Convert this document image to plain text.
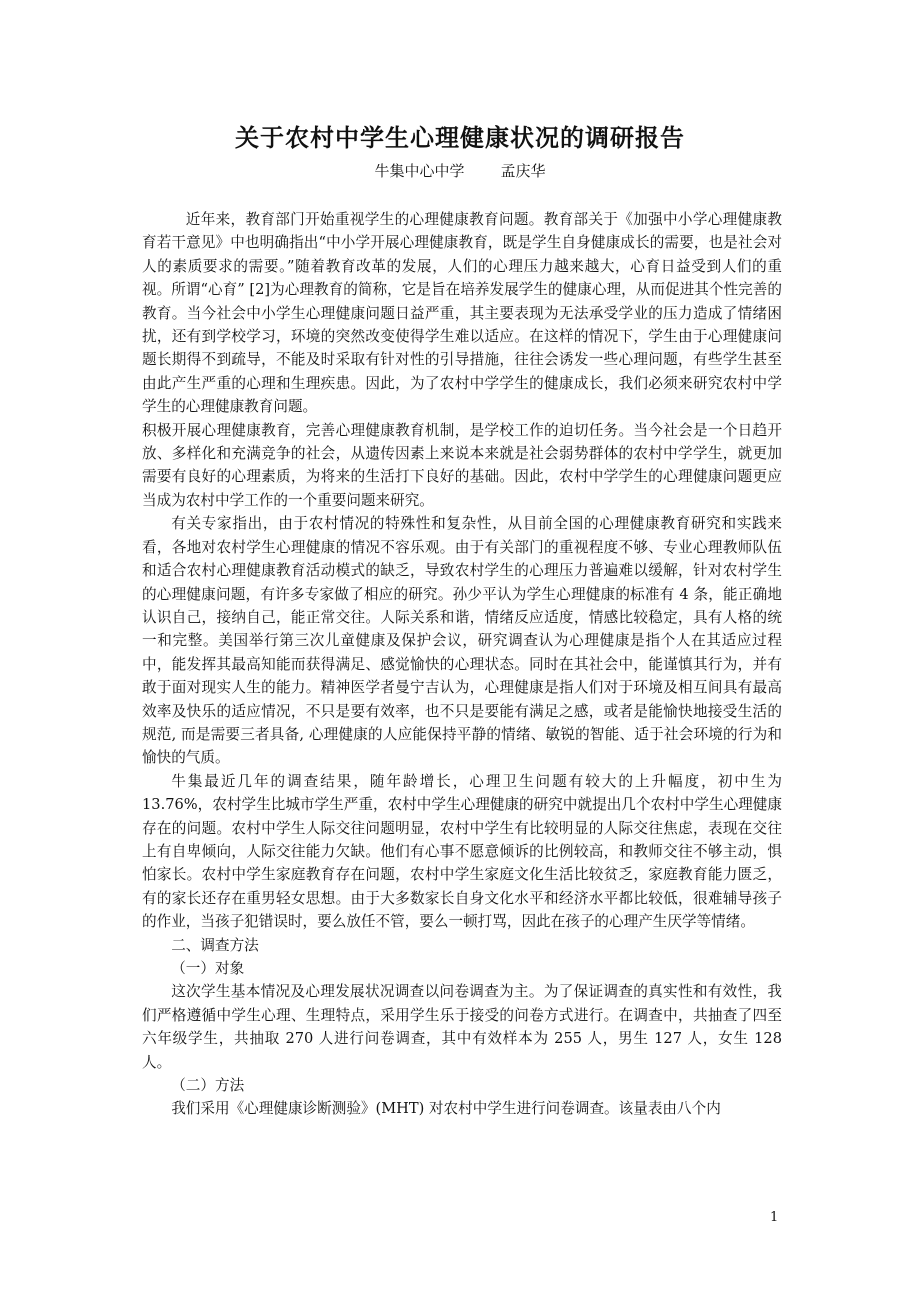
关于农村中学生心理健康状况的调研报告
牛集中心中学 孟庆华

近年来，教育部门开始重视学生的心理健康教育问题。教育部关于《加强中小学心理健康教育若干意见》中也明确指出“中小学开展心理健康教育，既是学生自身健康成长的需要，也是社会对人的素质要求的需要。”随着教育改革的发展，人们的心理压力越来越大，心育日益受到人们的重视。所谓“心育” [2]为心理教育的简称，它是旨在培养发展学生的健康心理，从而促进其个性完善的教育。当今社会中小学生心理健康问题日益严重，其主要表现为无法承受学业的压力造成了情绪困扰，还有到学校学习，环境的突然改变使得学生难以适应。在这样的情况下，学生由于心理健康问题长期得不到疏导，不能及时采取有针对性的引导措施，往往会诱发一些心理问题，有些学生甚至由此产生严重的心理和生理疾患。因此，为了农村中学学生的健康成长，我们必须来研究农村中学学生的心理健康教育问题。

积极开展心理健康教育，完善心理健康教育机制，是学校工作的迫切任务。当今社会是一个日趋开放、多样化和充满竞争的社会，从遗传因素上来说本来就是社会弱势群体的农村中学学生，就更加需要有良好的心理素质，为将来的生活打下良好的基础。因此，农村中学学生的心理健康问题更应当成为农村中学工作的一个重要问题来研究。

有关专家指出，由于农村情况的特殊性和复杂性，从目前全国的心理健康教育研究和实践来看，各地对农村学生心理健康的情况不容乐观。由于有关部门的重视程度不够、专业心理教师队伍和适合农村心理健康教育活动模式的缺乏，导致农村学生的心理压力普遍难以缓解，针对农村学生的心理健康问题，有许多专家做了相应的研究。孙少平认为学生心理健康的标准有 4 条，能正确地认识自己，接纳自己，能正常交往。人际关系和谐，情绪反应适度，情感比较稳定，具有人格的统一和完整。美国举行第三次儿童健康及保护会议，研究调查认为心理健康是指个人在其适应过程中，能发挥其最高知能而获得满足、感觉愉快的心理状态。同时在其社会中，能谨慎其行为，并有敢于面对现实人生的能力。精神医学者曼宁吉认为，心理健康是指人们对于环境及相互间具有最高效率及快乐的适应情况，不只是要有效率，也不只是要能有满足之感，或者是能愉快地接受生活的规范, 而是需要三者具备, 心理健康的人应能保持平静的情绪、敏锐的智能、适于社会环境的行为和愉快的气质。

牛集最近几年的调查结果，随年龄增长，心理卫生问题有较大的上升幅度，初中生为 13.76%，农村学生比城市学生严重，农村中学生心理健康的研究中就提出几个农村中学生心理健康存在的问题。农村中学生人际交往问题明显，农村中学生有比较明显的人际交往焦虑，表现在交往上有自卑倾向，人际交往能力欠缺。他们有心事不愿意倾诉的比例较高，和教师交往不够主动，惧怕家长。农村中学生家庭教育存在问题，农村中学生家庭文化生活比较贫乏，家庭教育能力匮乏，有的家长还存在重男轻女思想。由于大多数家长自身文化水平和经济水平都比较低，很难辅导孩子的作业，当孩子犯错误时，要么放任不管，要么一顿打骂，因此在孩子的心理产生厌学等情绪。

二、调查方法

（一）对象

这次学生基本情况及心理发展状况调查以问卷调查为主。为了保证调查的真实性和有效性，我们严格遵循中学生心理、生理特点，采用学生乐于接受的问卷方式进行。在调查中，共抽查了四至六年级学生，共抽取 270 人进行问卷调查，其中有效样本为 255 人，男生 127 人，女生 128 人。

（二）方法

我们采用《心理健康诊断测验》(MHT) 对农村中学生进行问卷调查。该量表由八个内

1
